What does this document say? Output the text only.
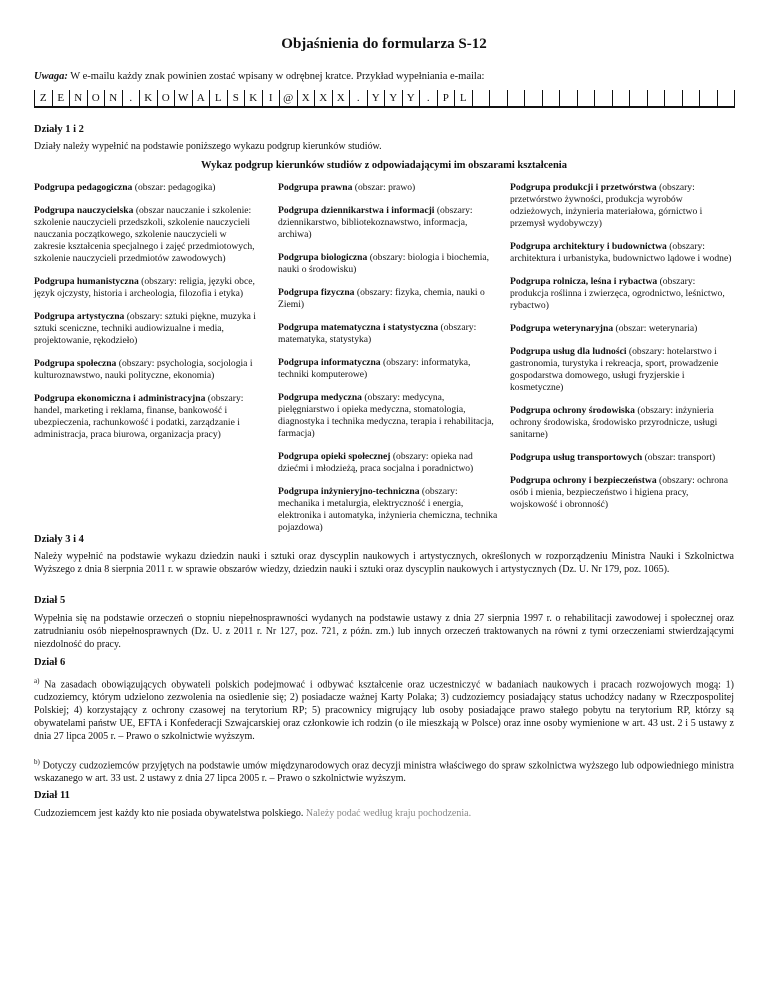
Objaśnienia do formularza S-12
Uwaga: W e-mailu każdy znak powinien zostać wpisany w odrębnej kratce. Przykład wypełniania e-maila:
Z E N O N	.	K O W A L	S K	I @ X X X	.	Y Y Y	.	P	L
Działy 1 i 2
Działy należy wypełnić na podstawie poniższego wykazu podgrup kierunków studiów.
Wykaz podgrup kierunków studiów z odpowiadającymi im obszarami kształcenia
Podgrupa pedagogiczna (obszar: pedagogika)
Podgrupa nauczycielska (obszar nauczanie i szkolenie: szkolenie nauczycieli przedszkoli, szkolenie nauczycieli nauczania początkowego, szkolenie nauczycieli w zakresie kształcenia specjalnego i zajęć przedmiotowych, szkolenie nauczycieli przedmiotów zawodowych)
Podgrupa humanistyczna (obszary: religia, języki obce, język ojczysty, historia i archeologia, filozofia i etyka)
Podgrupa artystyczna (obszary: sztuki piękne, muzyka i sztuki sceniczne, techniki audiowizualne i media, projektowanie, rękodzieło)
Podgrupa społeczna (obszary: psychologia, socjologia i kulturoznawstwo, nauki polityczne, ekonomia)
Podgrupa ekonomiczna i administracyjna (obszary: handel, marketing i reklama, finanse, bankowość i ubezpieczenia, rachunkowość i podatki, zarządzanie i administracja, praca biurowa, organizacja pracy)
Podgrupa prawna (obszar: prawo)
Podgrupa dziennikarstwa i informacji (obszary: dziennikarstwo, bibliotekoznawstwo, informacja, archiwa)
Podgrupa biologiczna (obszary: biologia i biochemia, nauki o środowisku)
Podgrupa fizyczna (obszary: fizyka, chemia, nauki o Ziemi)
Podgrupa matematyczna i statystyczna (obszary: matematyka, statystyka)
Podgrupa informatyczna (obszary: informatyka, techniki komputerowe)
Podgrupa medyczna (obszary: medycyna, pielęgniarstwo i opieka medyczna, stomatologia, diagnostyka i technika medyczna, terapia i rehabilitacja, farmacja)
Podgrupa opieki społecznej (obszary: opieka nad dziećmi i młodzieżą, praca socjalna i poradnictwo)
Podgrupa inżynieryjno-techniczna (obszary: mechanika i metalurgia, elektryczność i energia, elektronika i automatyka, inżynieria chemiczna, technika pojazdowa)
Podgrupa produkcji i przetwórstwa (obszary: przetwórstwo żywności, produkcja wyrobów odzieżowych, inżynieria materiałowa, górnictwo i przemysł wydobywczy)
Podgrupa architektury i budownictwa (obszary: architektura i urbanistyka, budownictwo lądowe i wodne)
Podgrupa rolnicza, leśna i rybactwa (obszary: produkcja roślinna i zwierzęca, ogrodnictwo, leśnictwo, rybactwo)
Podgrupa weterynaryjna (obszar: weterynaria)
Podgrupa usług dla ludności (obszary: hotelarstwo i gastronomia, turystyka i rekreacja, sport, prowadzenie gospodarstwa domowego, usługi fryzjerskie i kosmetyczne)
Podgrupa ochrony środowiska (obszary: inżynieria ochrony środowiska, środowisko przyrodnicze, usługi sanitarne)
Podgrupa usług transportowych (obszar: transport)
Podgrupa ochrony i bezpieczeństwa (obszary: ochrona osób i mienia, bezpieczeństwo i higiena pracy, wojskowość i obronność)
Działy 3 i 4
Należy wypełnić na podstawie wykazu dziedzin nauki i sztuki oraz dyscyplin naukowych i artystycznych, określonych w rozporządzeniu Ministra Nauki i Szkolnictwa Wyższego z dnia 8 sierpnia 2011 r. w sprawie obszarów wiedzy, dziedzin nauki i sztuki oraz dyscyplin naukowych i artystycznych (Dz. U. Nr 179, poz. 1065).
Dział 5
Wypełnia się na podstawie orzeczeń o stopniu niepełnosprawności wydanych na podstawie ustawy z dnia 27 sierpnia 1997 r. o rehabilitacji zawodowej i społecznej oraz zatrudnianiu osób niepełnosprawnych (Dz. U. z 2011 r. Nr 127, poz. 721, z późn. zm.) lub innych orzeczeń traktowanych na równi z tymi orzeczeniami stwierdzającymi niezdolność do pracy.
Dział 6
$^{a)}$ Na zasadach obowiązujących obywateli polskich podejmować i odbywać kształcenie oraz uczestniczyć w badaniach naukowych i pracach rozwojowych mogą: 1) cudzoziemcy, którym udzielono zezwolenia na osiedlenie się; 2) posiadacze ważnej Karty Polaka; 3) cudzoziemcy posiadający status uchodźcy nadany w Rzeczpospolitej Polskiej; 4) korzystający z ochrony czasowej na terytorium RP; 5) pracownicy migrujący lub osoby posiadające prawo stałego pobytu na terytorium RP, którzy są obywatelami państw UE, EFTA i Konfederacji Szwajcarskiej oraz członkowie ich rodzin (o ile mieszkają w Polsce) oraz inne osoby wymienione w art. 43 ust. 2 i 5 ustawy z dnia 27 lipca 2005 r. – Prawo o szkolnictwie wyższym.
$^{b)}$ Dotyczy cudzoziemców przyjętych na podstawie umów międzynarodowych oraz decyzji ministra właściwego do spraw szkolnictwa wyższego lub odpowiedniego ministra wskazanego w art. 33 ust. 2 ustawy z dnia 27 lipca 2005 r. – Prawo o szkolnictwie wyższym.
Dział 11
Cudzoziemcem jest każdy kto nie posiada obywatelstwa polskiego. Należy podać według kraju pochodzenia.
